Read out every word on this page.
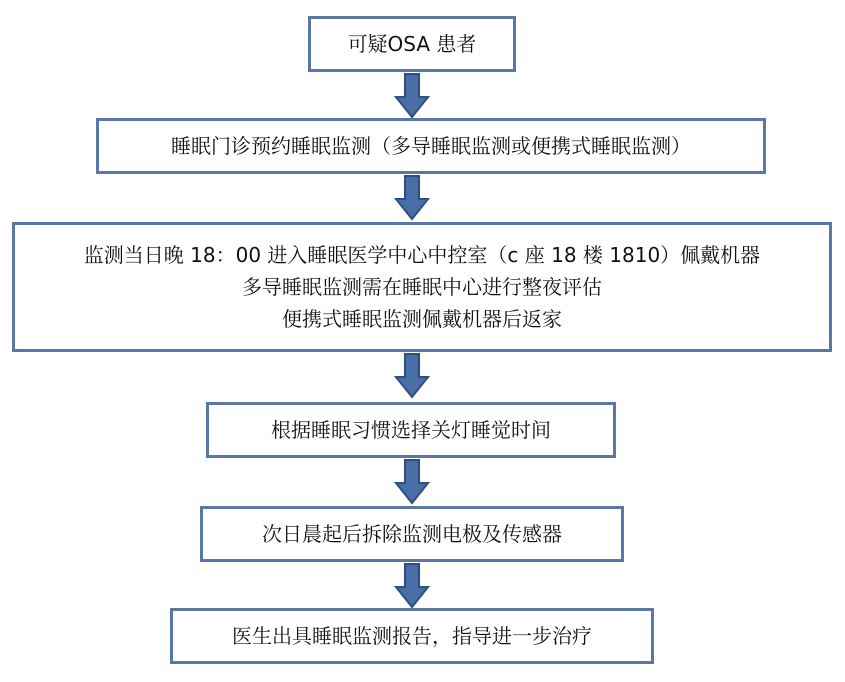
可疑OSA 患者
睡眠门诊预约睡眠监测（多导睡眠监测或便携式睡眠监测）
监测当日晚 18：00 进入睡眠医学中心中控室（c 座 18 楼 1810）佩戴机器
多导睡眠监测需在睡眠中心进行整夜评估
便携式睡眠监测佩戴机器后返家
根据睡眠习惯选择关灯睡觉时间
次日晨起后拆除监测电极及传感器
医生出具睡眠监测报告，指导进一步治疗
